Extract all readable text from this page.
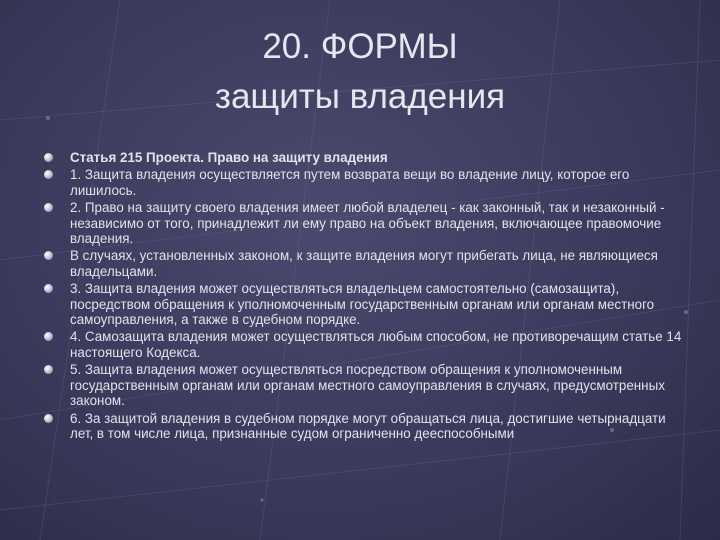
20. ФОРМЫ
защиты владения
Статья 215 Проекта. Право на защиту владения
1. Защита владения осуществляется путем возврата вещи во владение лицу, которое его лишилось.
2. Право на защиту своего владения имеет любой владелец - как законный, так и незаконный - независимо от того, принадлежит ли ему право на объект владения, включающее правомочие владения.
В случаях, установленных законом, к защите владения могут прибегать лица, не являющиеся владельцами.
3. Защита владения может осуществляться владельцем самостоятельно (самозащита), посредством обращения к уполномоченным государственным органам или органам местного самоуправления, а также в судебном порядке.
4. Самозащита владения может осуществляться любым способом, не противоречащим статье 14 настоящего Кодекса.
5. Защита владения может осуществляться посредством обращения к уполномоченным государственным органам или органам местного самоуправления в случаях, предусмотренных законом.
6. За защитой владения в судебном порядке могут обращаться лица, достигшие четырнадцати лет, в том числе лица, признанные судом ограниченно дееспособными
